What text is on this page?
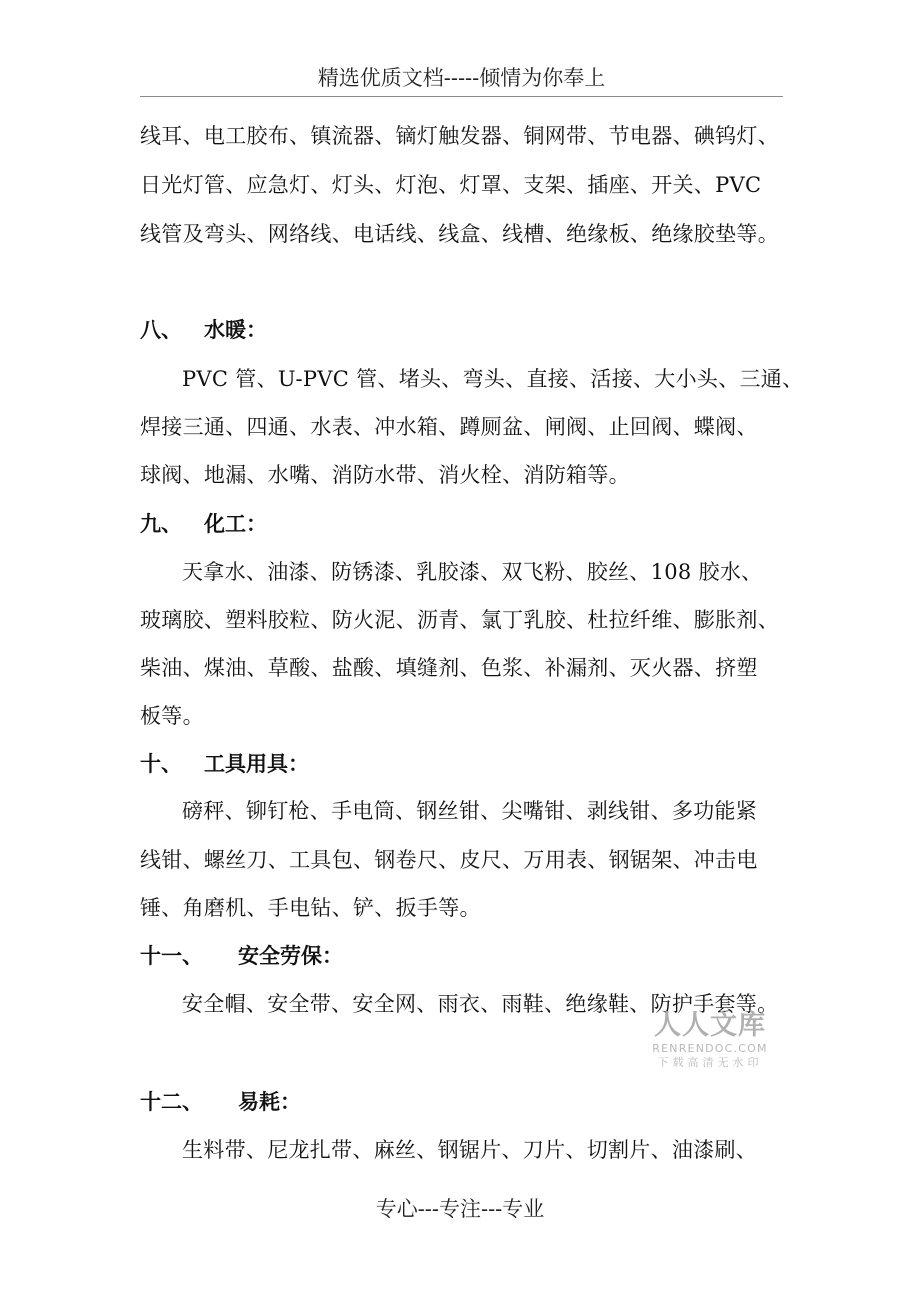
精选优质文档-----倾情为你奉上
线耳、电工胶布、镇流器、镝灯触发器、铜网带、节电器、碘钨灯、
日光灯管、应急灯、灯头、灯泡、灯罩、支架、插座、开关、PVC
线管及弯头、网络线、电话线、线盒、线槽、绝缘板、绝缘胶垫等。
八、 水暖：
PVC 管、U-PVC 管、堵头、弯头、直接、活接、大小头、三通、
焊接三通、四通、水表、冲水箱、蹲厕盆、闸阀、止回阀、蝶阀、
球阀、地漏、水嘴、消防水带、消火栓、消防箱等。
九、 化工：
天拿水、油漆、防锈漆、乳胶漆、双飞粉、胶丝、108 胶水、
玻璃胶、塑料胶粒、防火泥、沥青、氯丁乳胶、杜拉纤维、膨胀剂、
柴油、煤油、草酸、盐酸、填缝剂、色浆、补漏剂、灭火器、挤塑
板等。
十、 工具用具：
磅秤、铆钉枪、手电筒、钢丝钳、尖嘴钳、剥线钳、多功能紧
线钳、螺丝刀、工具包、钢卷尺、皮尺、万用表、钢锯架、冲击电
锤、角磨机、手电钻、铲、扳手等。
十一、 安全劳保：
安全帽、安全带、安全网、雨衣、雨鞋、绝缘鞋、防护手套等。
人人文库
RENRENDOC.COM
下载高清无水印
十二、 易耗：
生料带、尼龙扎带、麻丝、钢锯片、刀片、切割片、油漆刷、
专心---专注---专业
